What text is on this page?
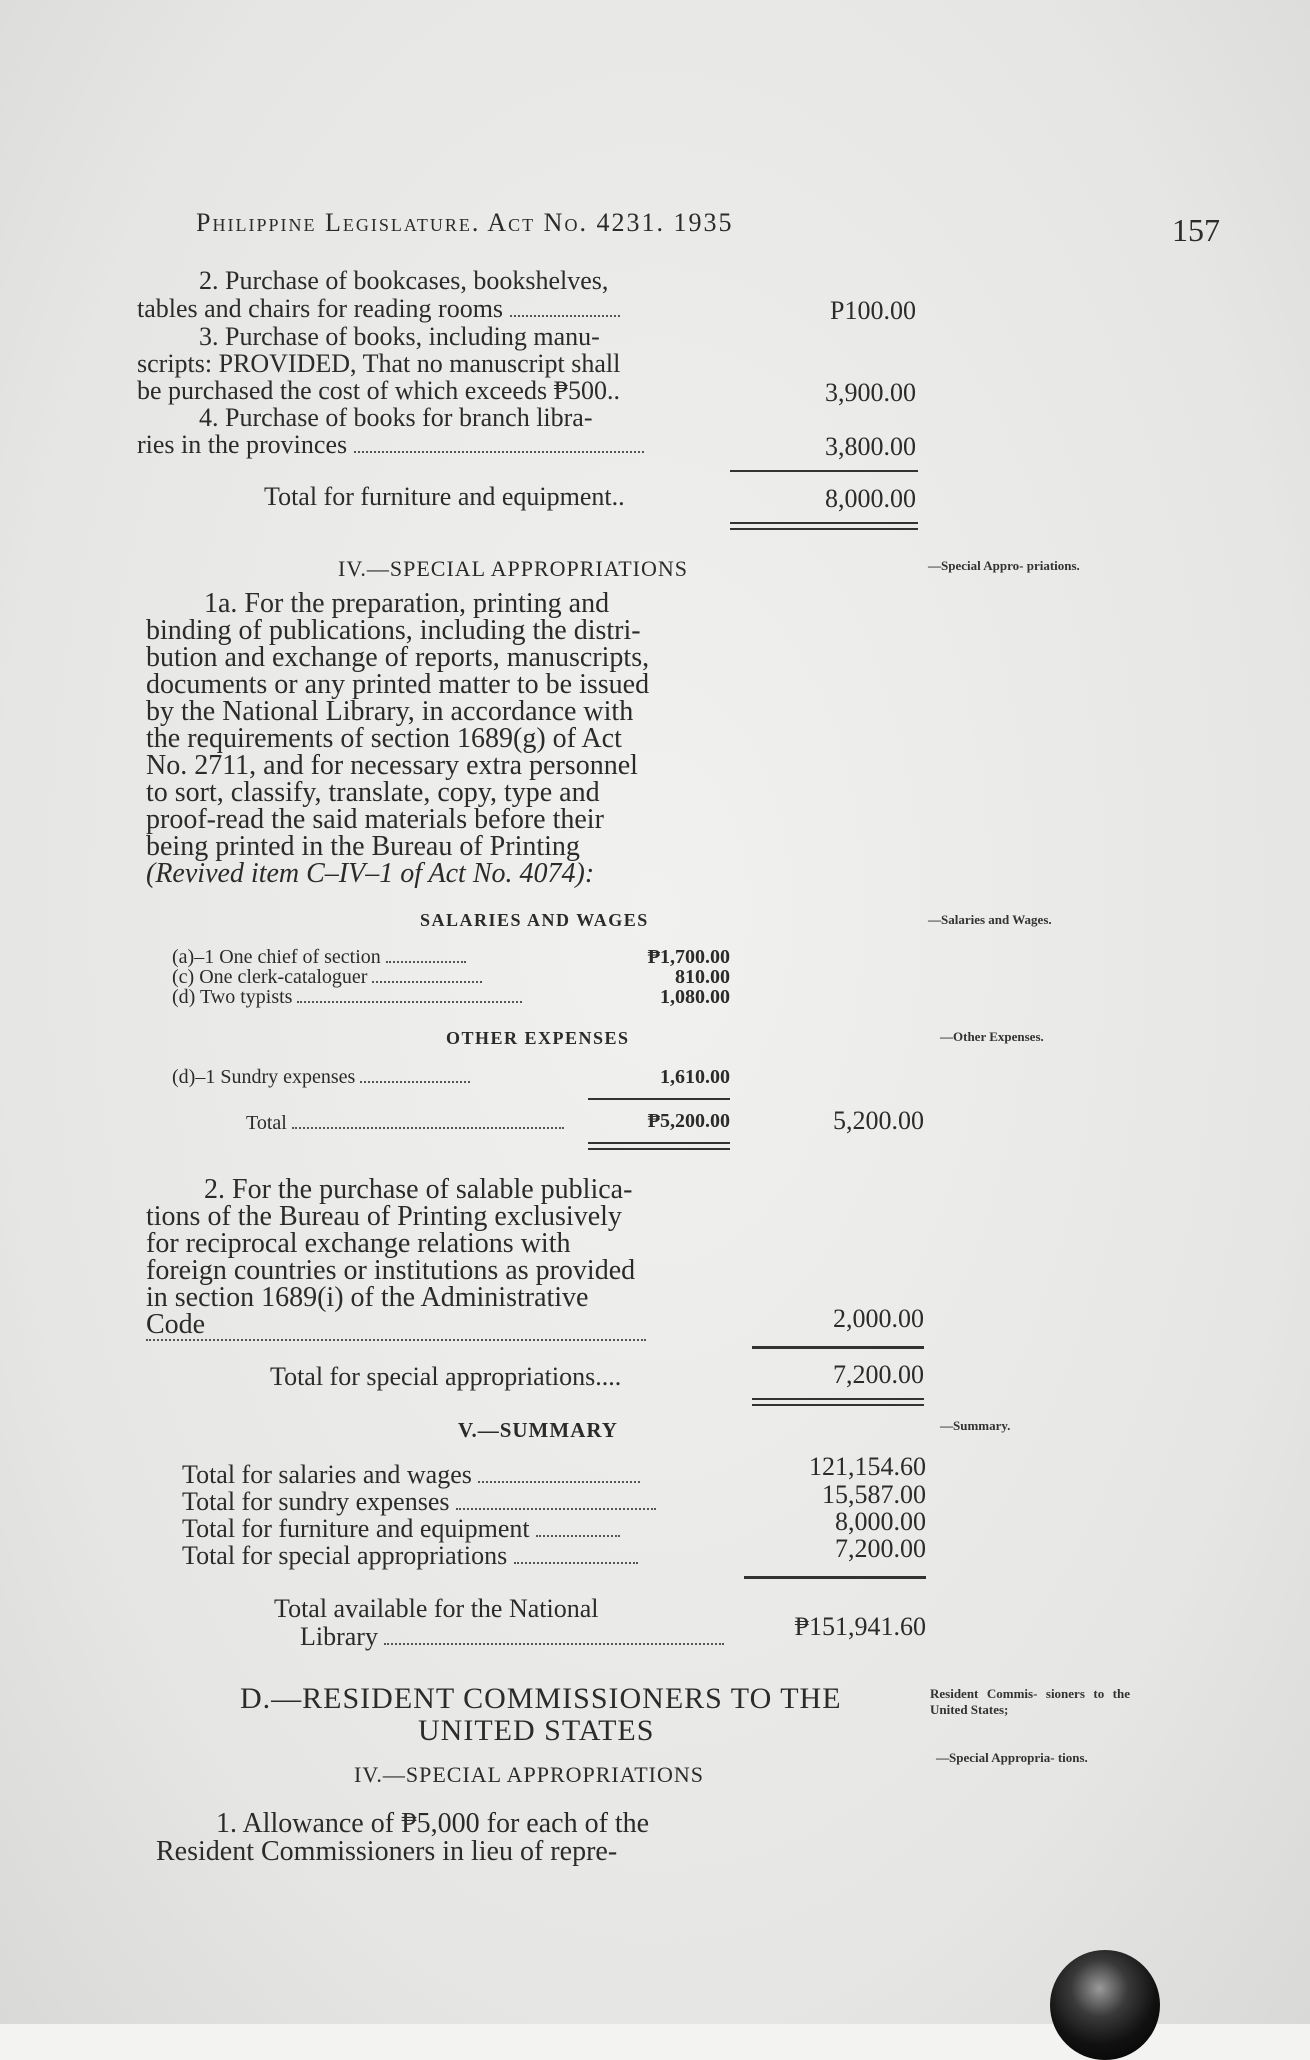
Philippine Legislature. Act No. 4231. 1935	157
2. Purchase of bookcases, bookshelves,
tables and chairs for reading rooms	P100.00
3. Purchase of books, including manu-
scripts: PROVIDED, That no manuscript shall
be purchased the cost of which exceeds ₱500..	3,900.00
4. Purchase of books for branch libra-
ries in the provinces	3,800.00
Total for furniture and equipment..	8,000.00
IV.—SPECIAL APPROPRIATIONS	—Special Appro- priations.
1a. For the preparation, printing and
binding of publications, including the distri-
bution and exchange of reports, manuscripts,
documents or any printed matter to be issued
by the National Library, in accordance with
the requirements of section 1689(g) of Act
No. 2711, and for necessary extra personnel
to sort, classify, translate, copy, type and
proof-read the said materials before their
being printed in the Bureau of Printing
(Revived item C–IV–1 of Act No. 4074):
SALARIES AND WAGES	—Salaries and Wages.
(a)–1 One chief of section	₱1,700.00
(c) One clerk-cataloguer	810.00
(d) Two typists	1,080.00
OTHER EXPENSES	—Other Expenses.
(d)–1 Sundry expenses	1,610.00
Total	₱5,200.00	5,200.00
2. For the purchase of salable publica-
tions of the Bureau of Printing exclusively
for reciprocal exchange relations with
foreign countries or institutions as provided
in section 1689(i) of the Administrative
Code	2,000.00
Total for special appropriations....	7,200.00
V.—SUMMARY	—Summary.
Total for salaries and wages	121,154.60
Total for sundry expenses	15,587.00
Total for furniture and equipment	8,000.00
Total for special appropriations	7,200.00
Total available for the National
Library	₱151,941.60
D.—RESIDENT COMMISSIONERS TO THE
UNITED STATES
Resident Commis- sioners to the United States;
IV.—SPECIAL APPROPRIATIONS
—Special Appropria- tions.
1. Allowance of ₱5,000 for each of the
Resident Commissioners in lieu of repre-
